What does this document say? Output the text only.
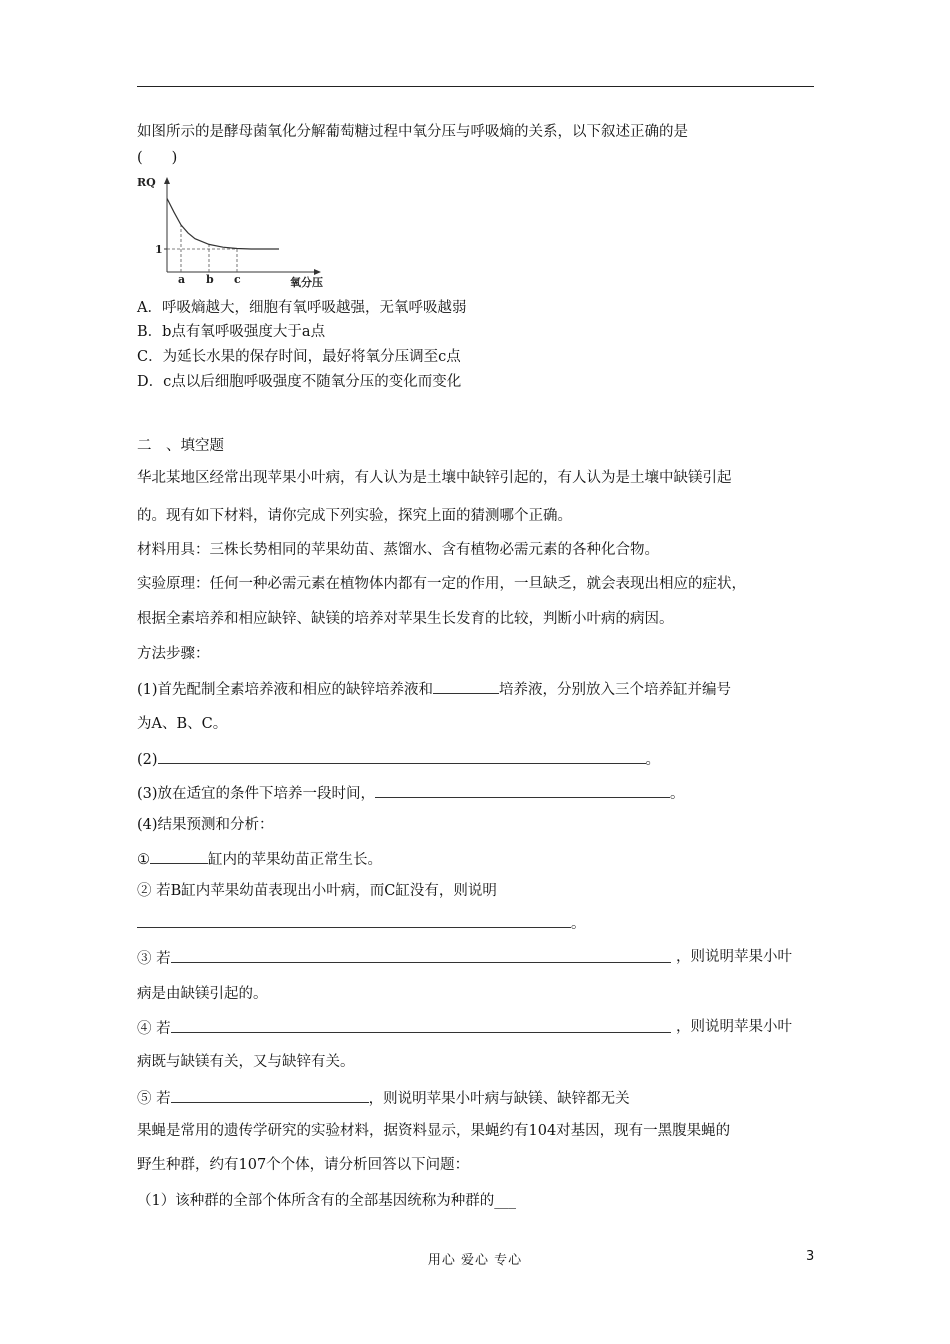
如图所示的是酵母菌氧化分解葡萄糖过程中氧分压与呼吸熵的关系，以下叙述正确的是
(　　)
RQ
1
a b c	氧分压
A．呼吸熵越大，细胞有氧呼吸越强，无氧呼吸越弱
B．b点有氧呼吸强度大于a点
C．为延长水果的保存时间，最好将氧分压调至c点
D．c点以后细胞呼吸强度不随氧分压的变化而变化
二　、填空题
华北某地区经常出现苹果小叶病，有人认为是土壤中缺锌引起的，有人认为是土壤中缺镁引起
的。现有如下材料，请你完成下列实验，探究上面的猜测哪个正确。
材料用具：三株长势相同的苹果幼苗、蒸馏水、含有植物必需元素的各种化合物。
实验原理：任何一种必需元素在植物体内都有一定的作用，一旦缺乏，就会表现出相应的症状，
根据全素培养和相应缺锌、缺镁的培养对苹果生长发育的比较，判断小叶病的病因。
方法步骤：
(1)首先配制全素培养液和相应的缺锌培养液和	培养液，分别放入三个培养缸并编号
为A、B、C。
(2)	。
(3)放在适宜的条件下培养一段时间，	。
(4)结果预测和分析：
①	缸内的苹果幼苗正常生长。
② 若B缸内苹果幼苗表现出小叶病，而C缸没有，则说明
。
③ 若	，则说明苹果小叶
病是由缺镁引起的。
④ 若	，则说明苹果小叶
病既与缺镁有关，又与缺锌有关。
⑤ 若	，则说明苹果小叶病与缺镁、缺锌都无关
果蝇是常用的遗传学研究的实验材料，据资料显示，果蝇约有104对基因，现有一黑腹果蝇的
野生种群，约有107个个体，请分析回答以下问题：
（1）该种群的全部个体所含有的全部基因统称为种群的___
用心 爱心 专心	3
